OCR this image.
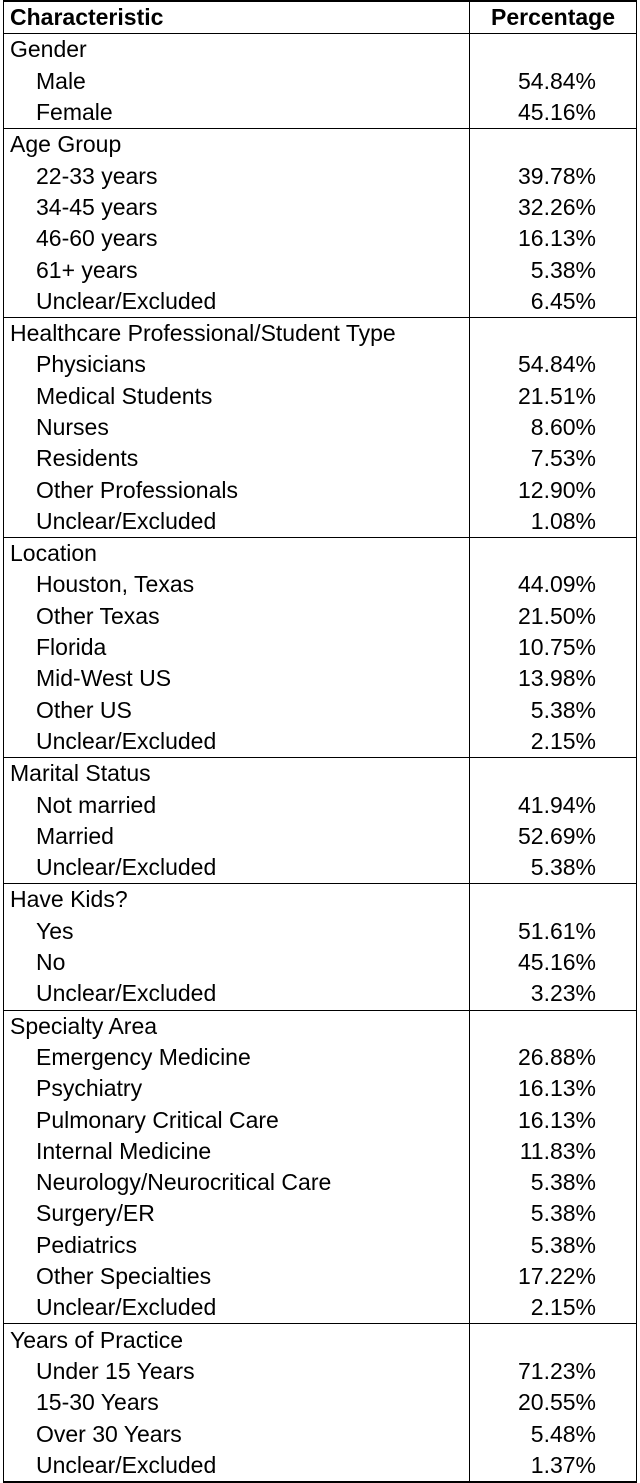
Characteristic	Percentage
Gender	
Male	54.84%
Female	45.16%
Age Group	
22-33 years	39.78%
34-45 years	32.26%
46-60 years	16.13%
61+ years	5.38%
Unclear/Excluded	6.45%
Healthcare Professional/Student Type	
Physicians	54.84%
Medical Students	21.51%
Nurses	8.60%
Residents	7.53%
Other Professionals	12.90%
Unclear/Excluded	1.08%
Location	
Houston, Texas	44.09%
Other Texas	21.50%
Florida	10.75%
Mid-West US	13.98%
Other US	5.38%
Unclear/Excluded	2.15%
Marital Status	
Not married	41.94%
Married	52.69%
Unclear/Excluded	5.38%
Have Kids?	
Yes	51.61%
No	45.16%
Unclear/Excluded	3.23%
Specialty Area	
Emergency Medicine	26.88%
Psychiatry	16.13%
Pulmonary Critical Care	16.13%
Internal Medicine	11.83%
Neurology/Neurocritical Care	5.38%
Surgery/ER	5.38%
Pediatrics	5.38%
Other Specialties	17.22%
Unclear/Excluded	2.15%
Years of Practice	
Under 15 Years	71.23%
15-30 Years	20.55%
Over 30 Years	5.48%
Unclear/Excluded	1.37%
